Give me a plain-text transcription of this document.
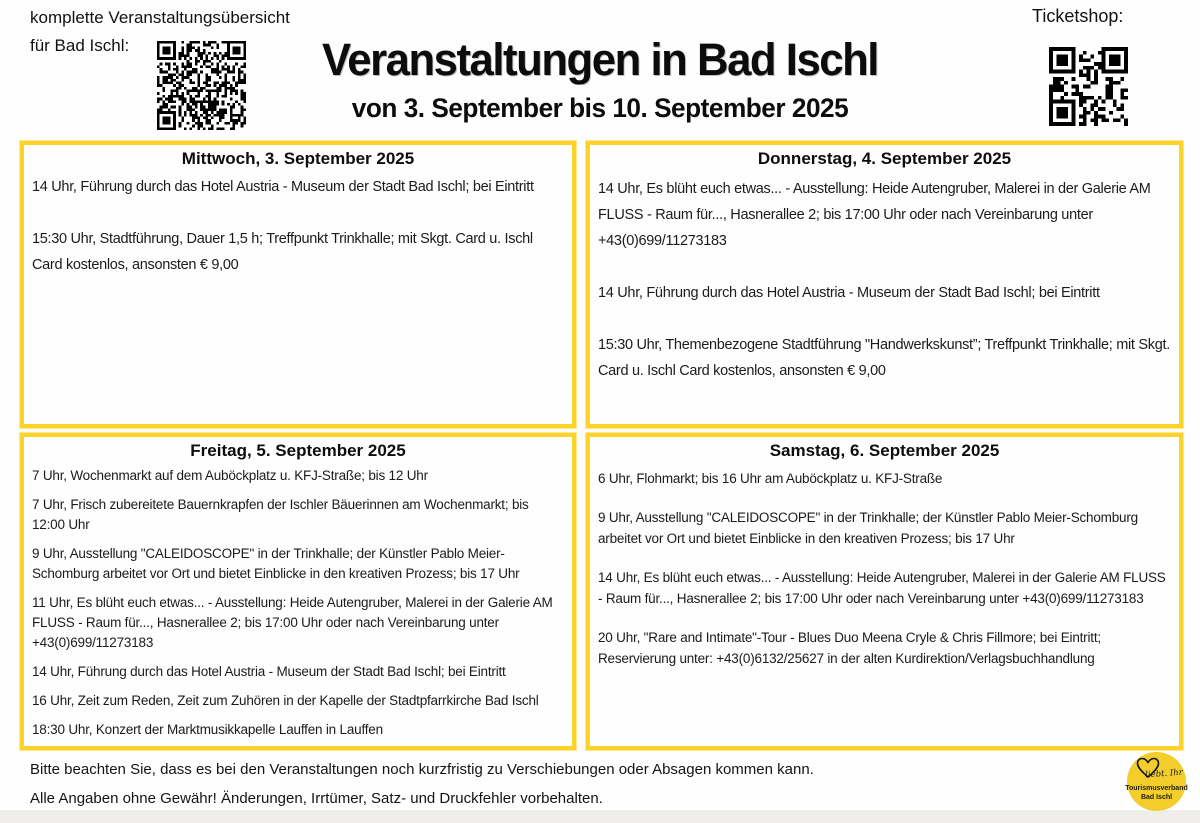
komplette Veranstaltungsübersicht
für Bad Ischl:	Veranstaltungen in Bad Ischl
von 3. September bis 10. September 2025
Ticketshop:
Mittwoch, 3. September 2025

14 Uhr, Führung durch das Hotel Austria - Museum der Stadt Bad Ischl; bei Eintritt

15:30 Uhr, Stadtführung, Dauer 1,5 h; Treffpunkt Trinkhalle; mit Skgt. Card u. Ischl Card kostenlos, ansonsten € 9,00

Donnerstag, 4. September 2025

14 Uhr, Es blüht euch etwas... - Ausstellung: Heide Autengruber, Malerei in der Galerie AM FLUSS - Raum für..., Hasnerallee 2; bis 17:00 Uhr oder nach Vereinbarung unter +43(0)699/11273183

14 Uhr, Führung durch das Hotel Austria - Museum der Stadt Bad Ischl; bei Eintritt

15:30 Uhr, Themenbezogene Stadtführung "Handwerkskunst”; Treffpunkt Trinkhalle; mit Skgt. Card u. Ischl Card kostenlos, ansonsten € 9,00

Freitag, 5. September 2025

7 Uhr, Wochenmarkt auf dem Auböckplatz u. KFJ-Straße; bis 12 Uhr

7 Uhr, Frisch zubereitete Bauernkrapfen der Ischler Bäuerinnen am Wochenmarkt; bis 12:00 Uhr

9 Uhr, Ausstellung "CALEIDOSCOPE" in der Trinkhalle; der Künstler Pablo Meier-Schomburg arbeitet vor Ort und bietet Einblicke in den kreativen Prozess; bis 17 Uhr

11 Uhr, Es blüht euch etwas... - Ausstellung: Heide Autengruber, Malerei in der Galerie AM FLUSS - Raum für..., Hasnerallee 2; bis 17:00 Uhr oder nach Vereinbarung unter +43(0)699/11273183

14 Uhr, Führung durch das Hotel Austria - Museum der Stadt Bad Ischl; bei Eintritt

16 Uhr, Zeit zum Reden, Zeit zum Zuhören in der Kapelle der Stadtpfarrkirche Bad Ischl

18:30 Uhr, Konzert der Marktmusikkapelle Lauffen in Lauffen

Samstag, 6. September 2025

6 Uhr, Flohmarkt; bis 16 Uhr am Auböckplatz u. KFJ-Straße

9 Uhr, Ausstellung "CALEIDOSCOPE" in der Trinkhalle; der Künstler Pablo Meier-Schomburg arbeitet vor Ort und bietet Einblicke in den kreativen Prozess; bis 17 Uhr

14 Uhr, Es blüht euch etwas... - Ausstellung: Heide Autengruber, Malerei in der Galerie AM FLUSS - Raum für..., Hasnerallee 2; bis 17:00 Uhr oder nach Vereinbarung unter +43(0)699/11273183

20 Uhr, "Rare and Intimate"-Tour - Blues Duo Meena Cryle & Chris Fillmore; bei Eintritt; Reservierung unter: +43(0)6132/25627 in der alten Kurdirektion/Verlagsbuchhandlung

Bitte beachten Sie, dass es bei den Veranstaltungen noch kurzfristig zu Verschiebungen oder Absagen kommen kann.
Alle Angaben ohne Gewähr! Änderungen, Irrtümer, Satz- und Druckfehler vorbehalten.
liebt. Ihr
Tourismusverband
Bad Ischl
